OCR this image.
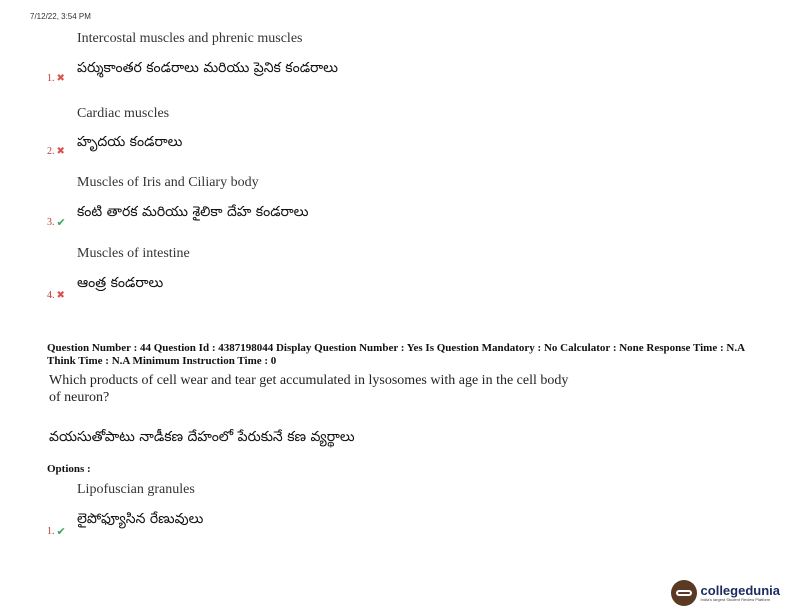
7/12/22, 3:54 PM
Intercostal muscles and phrenic muscles
పర్శుకాంతర కండరాలు మరియు ప్రెనిక కండరాలు
1. ✖
Cardiac muscles
హృదయ కండరాలు
2. ✖
Muscles of Iris and Ciliary body
కంటి తారక మరియు శైలికా దేహ కండరాలు
3. ✔
Muscles of intestine
ఆంత్ర కండరాలు
4. ✖
Question Number : 44 Question Id : 4387198044 Display Question Number : Yes Is Question Mandatory : No Calculator : None Response Time : N.A Think Time : N.A Minimum Instruction Time : 0
Which products of cell wear and tear get accumulated in lysosomes with age in the cell body of neuron?
వయసుతోపాటు నాడీకణ దేహంలో పేరుకునే కణ వ్యర్థాలు
Options :
Lipofuscian granules
లైపోఫ్యూసిన రేణువులు
1. ✔
collegedunia
India's largest Student Review Platform
